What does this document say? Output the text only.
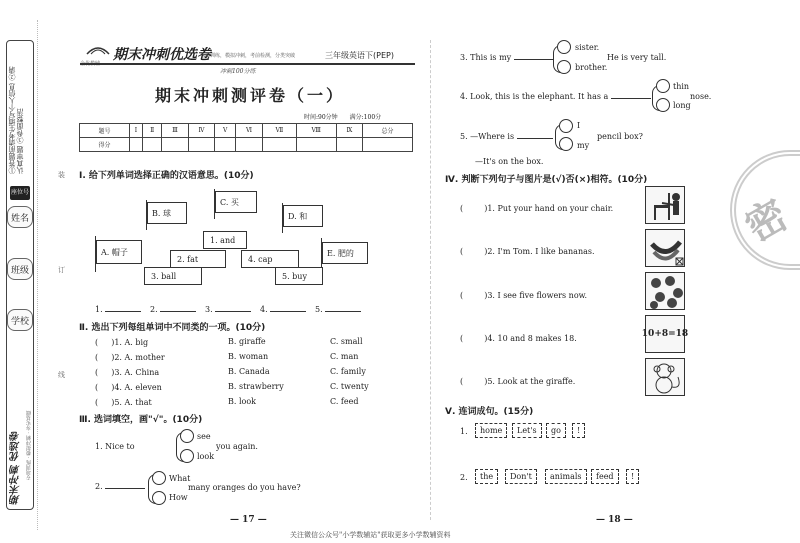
①答题前请考生填写个人信息 ②请认真审题 ③卷面整洁
座位号
姓名
班级
学校
期末冲刺 优选卷 专项训练 · 模拟冲刺 · 夯实基础
装
订
线
期末冲刺优选卷
专项训练，模拟冲刺，考前检测，分类突破	三年级英语下(PEP)
冲刺100分练
期末冲刺测评卷（一）
时间:90分钟　　满分:100分
题号	Ⅰ	Ⅱ	Ⅲ	Ⅳ	Ⅴ	Ⅵ	Ⅶ	Ⅷ	Ⅸ	总分
得分										
Ⅰ. 给下列单词选择正确的汉语意思。(10分)
B. 球
C. 买
D. 和
A. 帽子	E. 肥的
1. and
2. fat	4. cap
3. ball	5. buy
1.	2.	3.	4.	5.
Ⅱ. 选出下列每组单词中不同类的一项。(10分)
( 　 )1. A. big	B. giraffe	C. small
( 　 )2. A. mother	B. woman	C. man
( 　 )3. A. China	B. Canada	C. family
( 　 )4. A. eleven	B. strawberry	C. twenty
( 　 )5. A. that	B. look	C. feed
Ⅲ. 选词填空，画"√"。(10分)
1. Nice to
see
look
you again.
2.
What
How
many oranges do you have?
— 17 —
3. This is my
sister.
brother.
He is very tall.
4. Look, this is the elephant. It has a
thin
long
nose.
5. —Where is
I
my
pencil box?
—It's on the box.
Ⅳ. 判断下列句子与图片是(√)否(×)相符。(10分)
( 　 　)1. Put your hand on your chair.
( 　 　)2. I'm Tom. I like bananas.
( 　 　)3. I see five flowers now.
( 　 　)4. 10 and 8 makes 18.	10+8=18
( 　 　)5. Look at the giraffe.
Ⅴ. 连词成句。(15分)
1.	home	Let's	go	!
2.	the	Don't	animals	feed	!
— 18 —
密
关注微信公众号"小学数辅站"获取更多小学数辅资料
